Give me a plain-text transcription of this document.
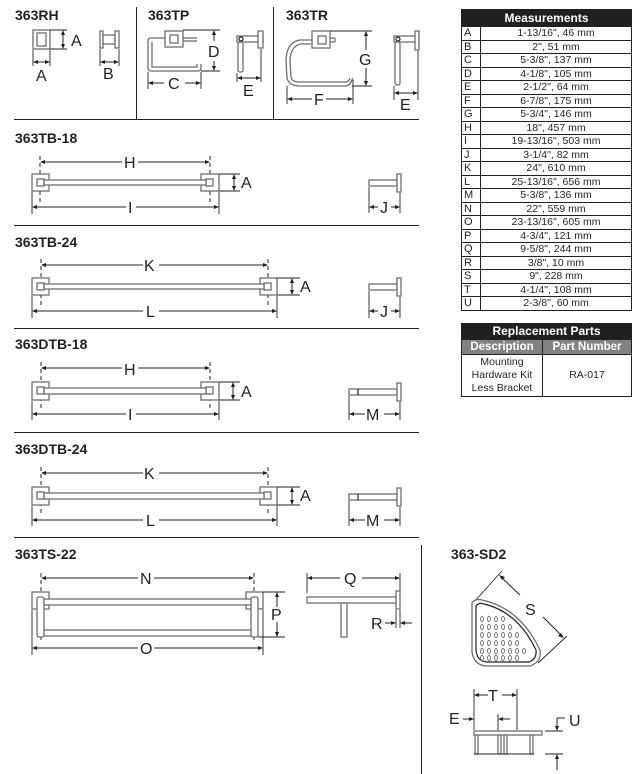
363RH	363TP	363TR
363TB-18
363TB-24
363DTB-18
363DTB-24
363TS-22	363-SD2
A
A	B
D
C	E
G
F	E
H
A
I	J
K
A
L	J
H
A
I	M
K
A
L	M
N
P
O
Q
R
S
T
E	U
Measurements	
A	1-13/16", 46 mm
B	2", 51 mm
C	5-3/8", 137 mm
D	4-1/8", 105 mm
E	2-1/2", 64 mm
F	6-7/8", 175 mm
G	5-3/4", 146 mm
H	18", 457 mm
I	19-13/16", 503 mm
J	3-1/4", 82 mm
K	24", 610 mm
L	25-13/16", 656 mm
M	5-3/8", 136 mm
N	22", 559 mm
O	23-13/16", 605 mm
P	4-3/4", 121 mm
Q	9-5/8", 244 mm
R	3/8", 10 mm
S	9", 228 mm
T	4-1/4", 108 mm
U	2-3/8", 60 mm
Replacement Parts	
Description	Part Number

Mounting
Hardware Kit
Less Bracket	RA-017
